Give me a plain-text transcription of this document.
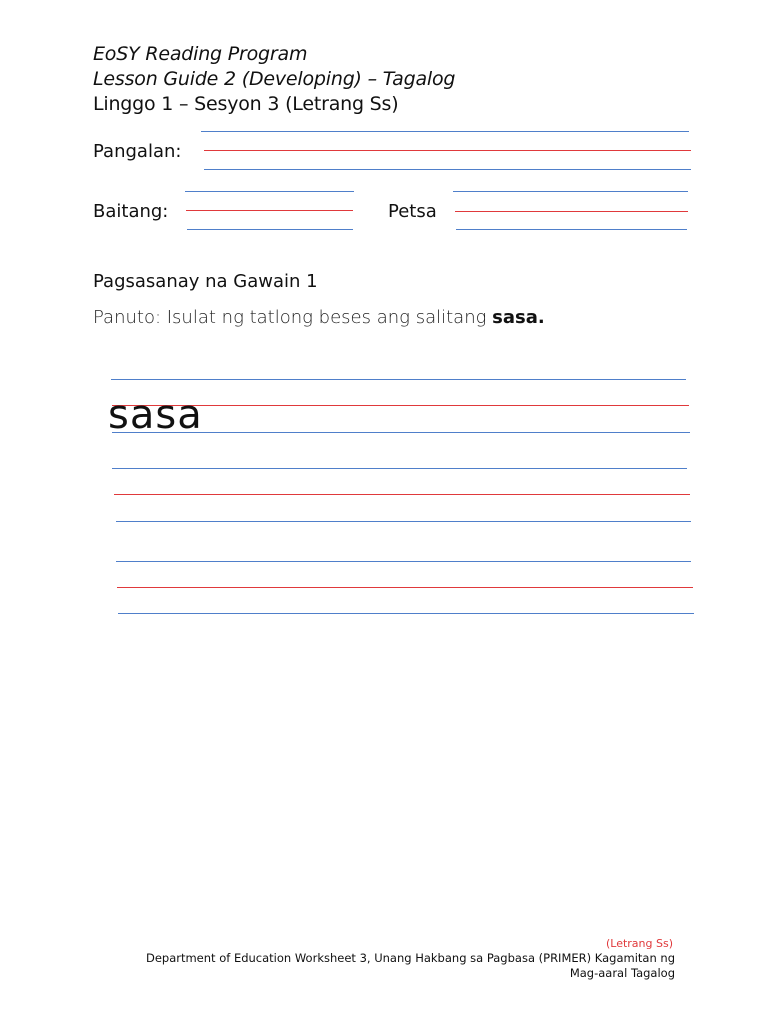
EoSY Reading Program
Lesson Guide 2 (Developing) – Tagalog
Linggo 1 – Sesyon 3 (Letrang Ss)
Pangalan:
Baitang:	Petsa
Pagsasanay na Gawain 1
Panuto: Isulat ng tatlong beses ang salitang sasa.
sasa
(Letrang Ss)
Department of Education Worksheet 3, Unang Hakbang sa Pagbasa (PRIMER) Kagamitan ng
Mag-aaral Tagalog
